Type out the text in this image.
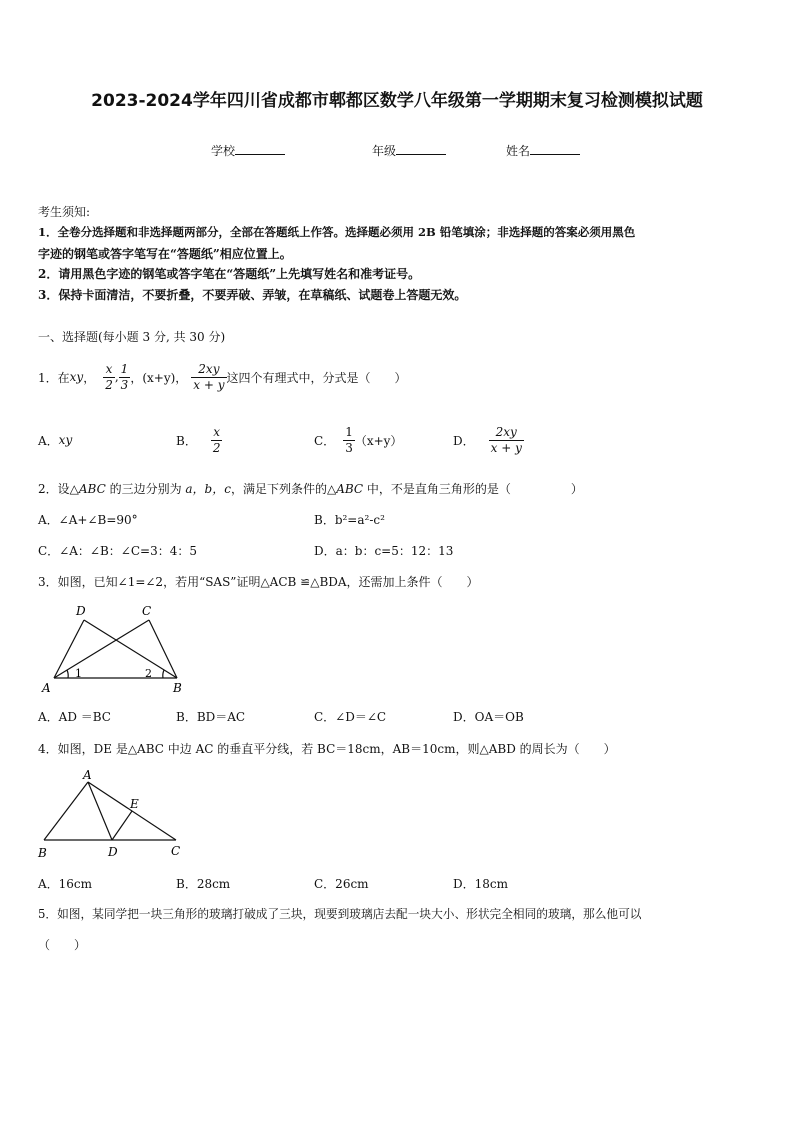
2023-2024学年四川省成都市郫都区数学八年级第一学期期末复习检测模拟试题
学校	年级	姓名
考生须知:
1．全卷分选择题和非选择题两部分，全部在答题纸上作答。选择题必须用 2B 铅笔填涂；非选择题的答案必须用黑色
字迹的钢笔或答字笔写在“答题纸”相应位置上。
2．请用黑色字迹的钢笔或答字笔在“答题纸”上先填写姓名和准考证号。
3．保持卡面清洁，不要折叠，不要弄破、弄皱，在草稿纸、试题卷上答题无效。
一、选择题(每小题 3 分, 共 30 分)
1．在 xy ， $\frac{x}{2}$ , $\frac{1}{3}$ ，(x+y)， $\frac{2xy}{x + y}$ 这四个有理式中，分式是（　　）
A． xy	B． $\frac{x}{2}$	C． $\frac{1}{3} (x+y)$	D． $\frac{2xy}{x + y}$
2．设△ABC 的三边分别为 a，b，c，满足下列条件的△ABC 中，不是直角三角形的是（　　　　　）
A．∠A+∠B=90°	B．b²=a²-c²
C．∠A：∠B：∠C=3：4：5	D．a：b：c=5：12：13
3．如图，已知∠1=∠2，若用“SAS”证明△ACB ≌△BDA，还需加上条件（　　）
D	C
A	B
1	2
A．AD ＝BC	B．BD＝AC	C．∠D＝∠C	D．OA＝OB
4．如图，DE 是△ABC 中边 AC 的垂直平分线，若 BC＝18cm，AB＝10cm，则△ABD 的周长为（　　）
A
E
B	D	C
A．16cm	B．28cm	C．26cm	D．18cm
5．如图，某同学把一块三角形的玻璃打破成了三块，现要到玻璃店去配一块大小、形状完全相同的玻璃，那么他可以
（　　）
